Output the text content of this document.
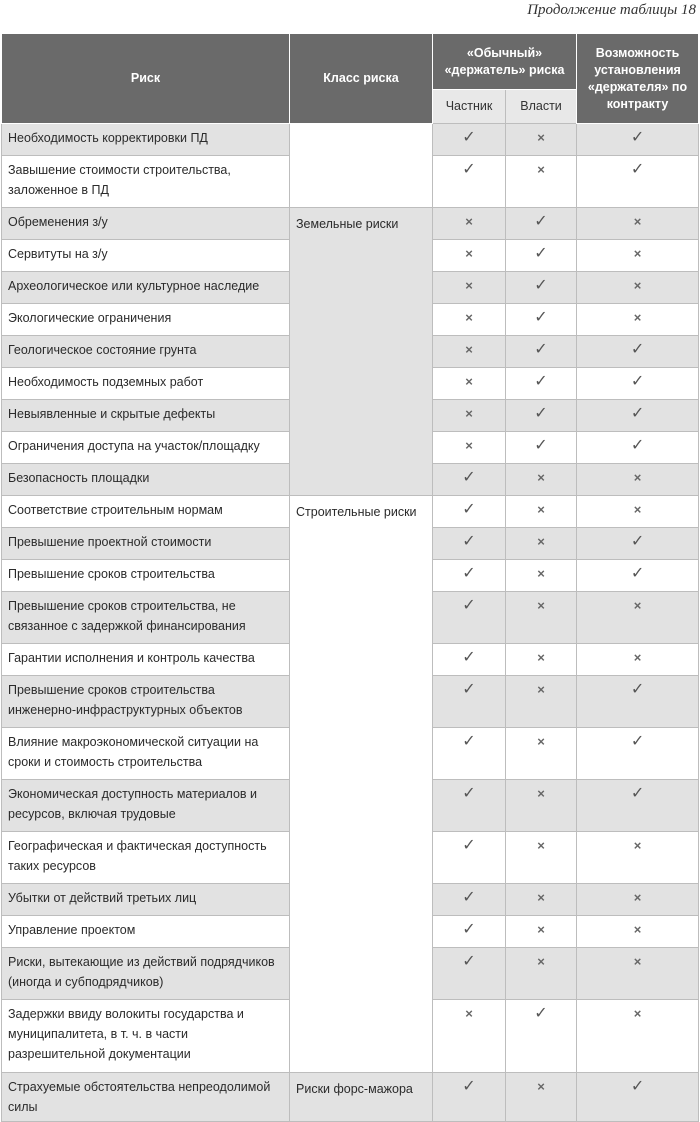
Продолжение таблицы 18
Риск	Класс риска	«Обычный» «держатель» риска		Возможность установления «держателя» по контракту
		Частник	Власти	
Необходимость корректировки ПД		✓	×	✓
Завышение стоимости строительства, заложенное в ПД		✓	×	✓
Обременения з/у	Земельные риски	×	✓	×
Сервитуты на з/у		×	✓	×
Археологическое или культурное наследие		×	✓	×
Экологические ограничения		×	✓	×
Геологическое состояние грунта		×	✓	✓
Необходимость подземных работ		×	✓	✓
Невыявленные и скрытые дефекты		×	✓	✓
Ограничения доступа на участок/площадку		×	✓	✓
Безопасность площадки		✓	×	×
Соответствие строительным нормам	Строительные риски	✓	×	×
Превышение проектной стоимости		✓	×	✓
Превышение сроков строительства		✓	×	✓
Превышение сроков строительства, не связанное с задержкой финансирования		✓	×	×
Гарантии исполнения и контроль качества		✓	×	×
Превышение сроков строительства инженерно-инфраструктурных объектов		✓	×	✓
Влияние макроэкономической ситуации на сроки и стоимость строительства		✓	×	✓
Экономическая доступность материалов и ресурсов, включая трудовые		✓	×	✓
Географическая и фактическая доступность таких ресурсов		✓	×	×
Убытки от действий третьих лиц		✓	×	×
Управление проектом		✓	×	×
Риски, вытекающие из действий подрядчиков (иногда и субподрядчиков)		✓	×	×
Задержки ввиду волокиты государства и муниципалитета, в т. ч. в части разрешительной документации		×	✓	×
Страхуемые обстоятельства непреодолимой силы	Риски форс-мажора	✓	×	✓
